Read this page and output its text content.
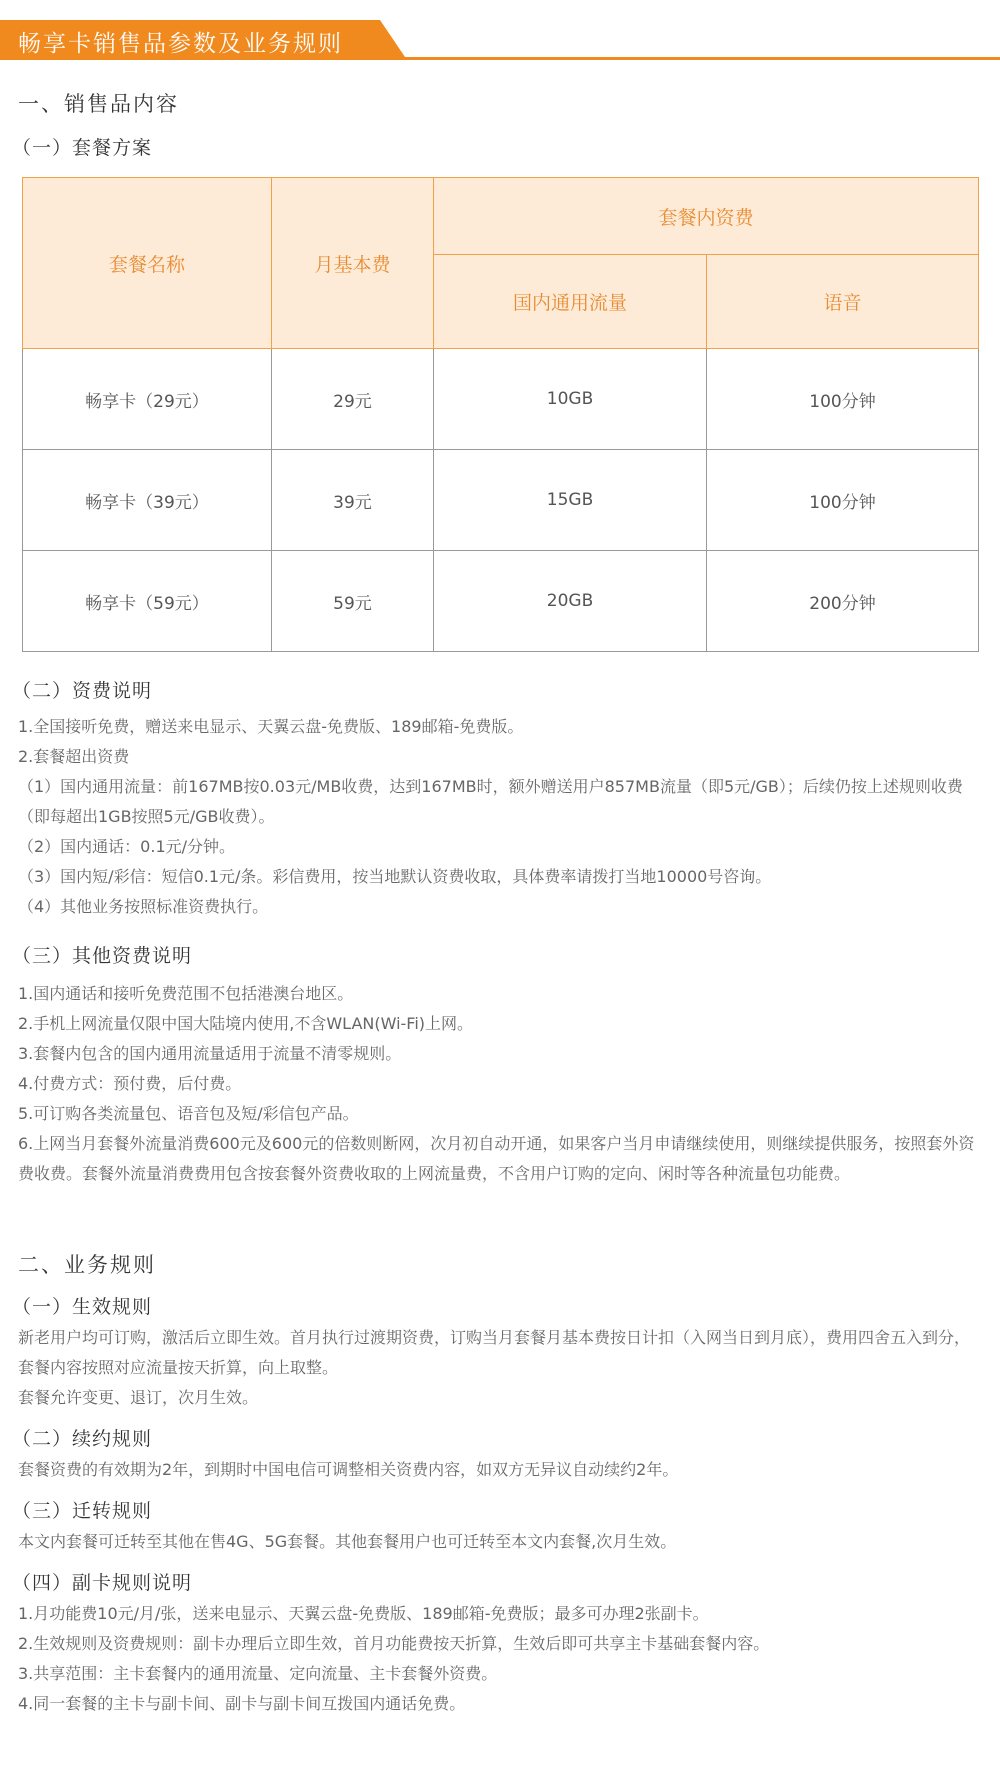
畅享卡销售品参数及业务规则
一、销售品内容
（一）套餐方案
套餐名称	月基本费	套餐内资费	
		国内通用流量	语音
畅享卡（29元）	29元	10GB	100分钟
畅享卡（39元）	39元	15GB	100分钟
畅享卡（59元）	59元	20GB	200分钟
（二）资费说明
1.全国接听免费，赠送来电显示、天翼云盘-免费版、189邮箱-免费版。
2.套餐超出资费
（1）国内通用流量：前167MB按0.03元/MB收费，达到167MB时，额外赠送用户857MB流量（即5元/GB）；后续仍按上述规则收费（即每超出1GB按照5元/GB收费）。
（2）国内通话：0.1元/分钟。
（3）国内短/彩信：短信0.1元/条。彩信费用，按当地默认资费收取，具体费率请拨打当地10000号咨询。
（4）其他业务按照标准资费执行。
（三）其他资费说明
1.国内通话和接听免费范围不包括港澳台地区。
2.手机上网流量仅限中国大陆境内使用,不含WLAN(Wi-Fi)上网。
3.套餐内包含的国内通用流量适用于流量不清零规则。
4.付费方式：预付费，后付费。
5.可订购各类流量包、语音包及短/彩信包产品。
6.上网当月套餐外流量消费600元及600元的倍数则断网，次月初自动开通，如果客户当月申请继续使用，则继续提供服务，按照套外资费收费。套餐外流量消费费用包含按套餐外资费收取的上网流量费，不含用户订购的定向、闲时等各种流量包功能费。
二、业务规则
（一）生效规则
新老用户均可订购，激活后立即生效。首月执行过渡期资费，订购当月套餐月基本费按日计扣（入网当日到月底），费用四舍五入到分，套餐内容按照对应流量按天折算，向上取整。
套餐允许变更、退订，次月生效。
（二）续约规则
套餐资费的有效期为2年，到期时中国电信可调整相关资费内容，如双方无异议自动续约2年。
（三）迁转规则
本文内套餐可迁转至其他在售4G、5G套餐。其他套餐用户也可迁转至本文内套餐,次月生效。
（四）副卡规则说明
1.月功能费10元/月/张，送来电显示、天翼云盘-免费版、189邮箱-免费版；最多可办理2张副卡。
2.生效规则及资费规则：副卡办理后立即生效，首月功能费按天折算，生效后即可共享主卡基础套餐内容。
3.共享范围：主卡套餐内的通用流量、定向流量、主卡套餐外资费。
4.同一套餐的主卡与副卡间、副卡与副卡间互拨国内通话免费。
